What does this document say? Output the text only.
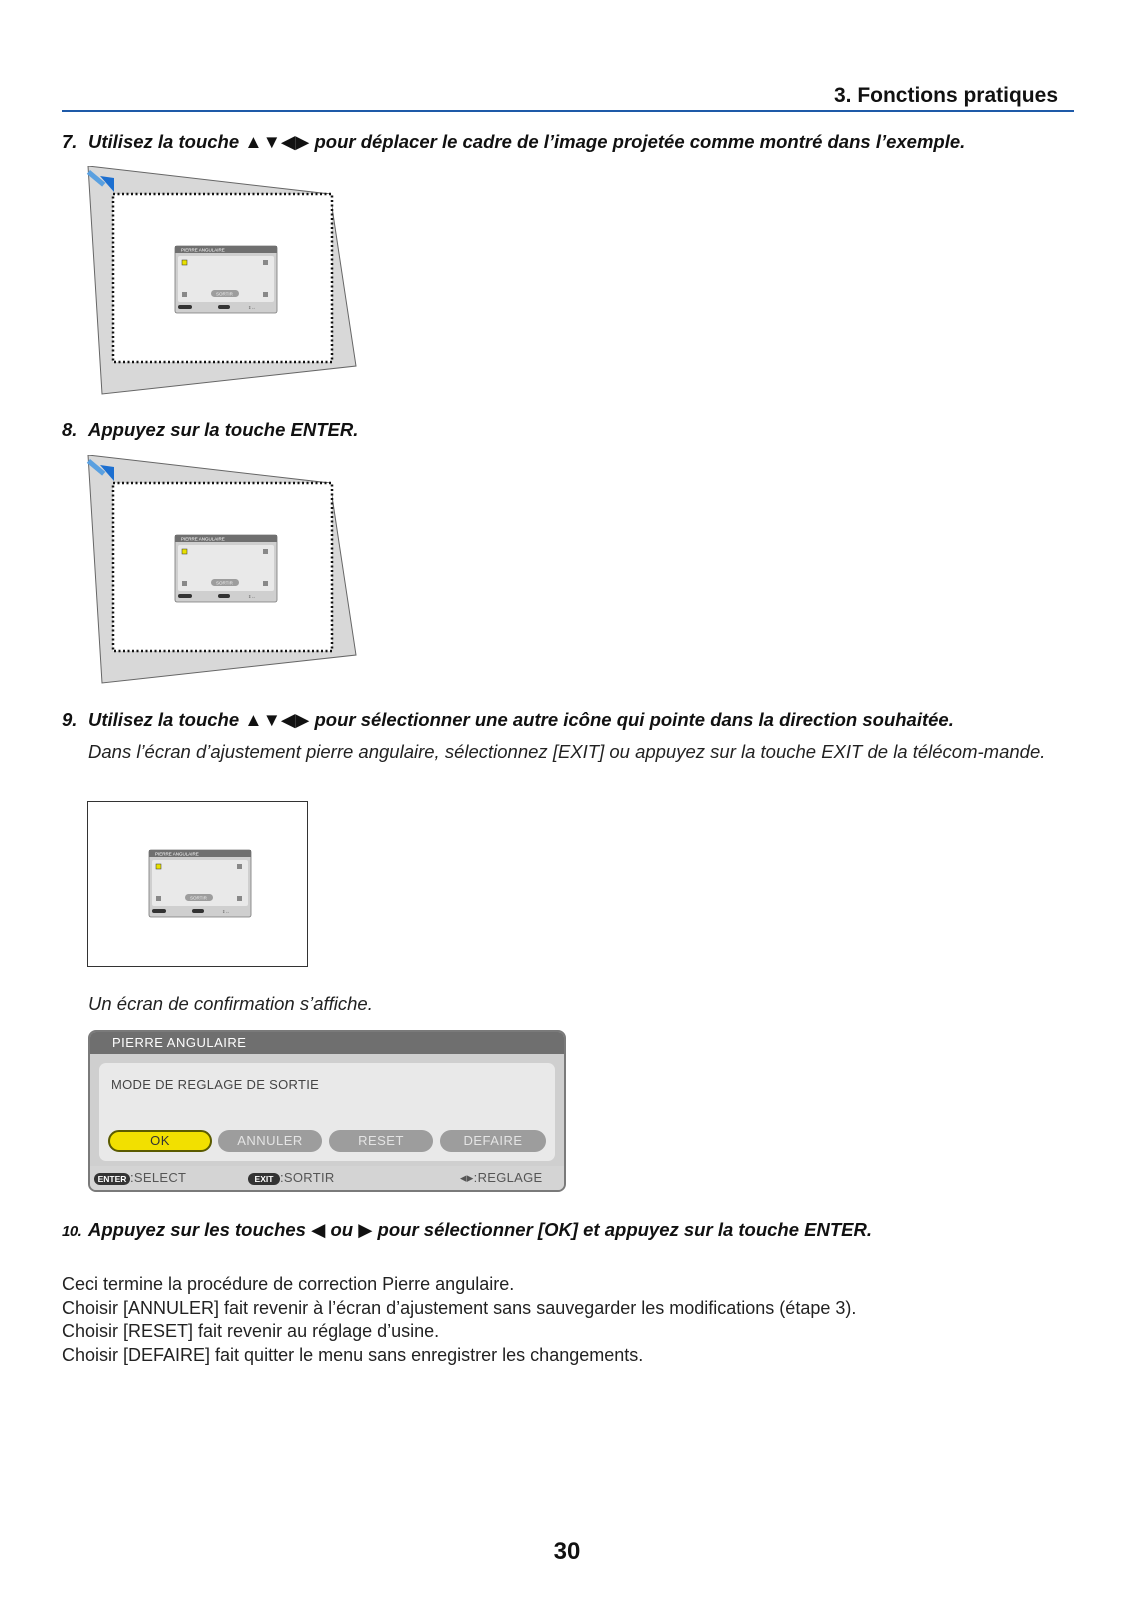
3. Fonctions pratiques
7. Utilisez la touche ▲▼◀▶ pour déplacer le cadre de l’image projetée comme montré dans l’exemple.
PIERRE ANGULAIRE
SORTIR
⇕↔
8. Appuyez sur la touche ENTER.
PIERRE ANGULAIRE
SORTIR
⇕↔
9. Utilisez la touche ▲▼◀▶ pour sélectionner une autre icône qui pointe dans la direction souhaitée.
Dans l’écran d’ajustement pierre angulaire, sélectionnez [EXIT] ou appuyez sur la touche EXIT de la télécom-mande.
PIERRE ANGULAIRE
SORTIR
⇕↔
Un écran de confirmation s’affiche.
PIERRE ANGULAIRE
MODE DE REGLAGE DE SORTIE
OK	ANNULER	RESET	DEFAIRE
ENTER :SELECT	EXIT :SORTIR	◂▸:REGLAGE
10. Appuyez sur les touches ◀ ou ▶ pour sélectionner [OK] et appuyez sur la touche ENTER.
Ceci termine la procédure de correction Pierre angulaire.
Choisir [ANNULER] fait revenir à l’écran d’ajustement sans sauvegarder les modifications (étape 3).
Choisir [RESET] fait revenir au réglage d’usine.
Choisir [DEFAIRE] fait quitter le menu sans enregistrer les changements.
30
